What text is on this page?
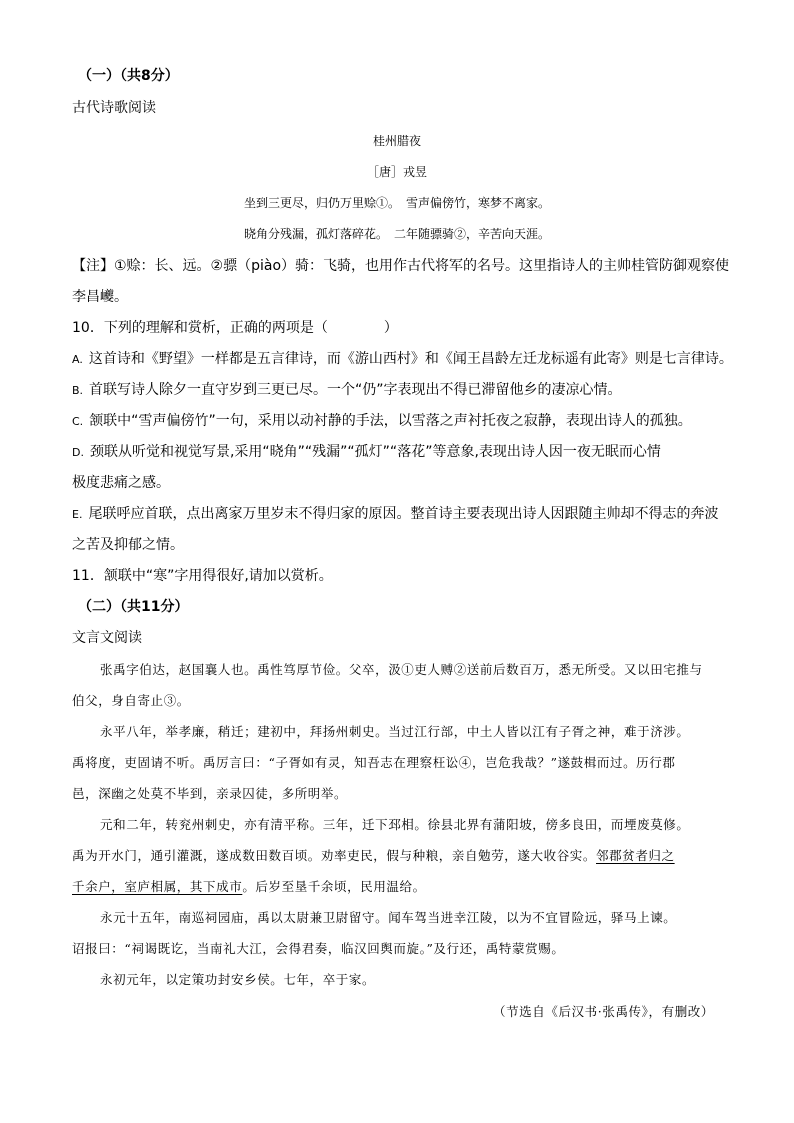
（一）（共8分）
古代诗歌阅读
桂州腊夜
［唐］戎昱
坐到三更尽，归仍万里赊①。　雪声偏傍竹，寒梦不离家。
晓角分残漏，孤灯落碎花。　二年随骠骑②，辛苦向天涯。
【注】①赊：长、远。②骠（piào）骑：飞骑，也用作古代将军的名号。这里指诗人的主帅桂管防御观察使
李昌巙。
10．下列的理解和赏析，正确的两项是（　　　　）
A. 这首诗和《野望》一样都是五言律诗，而《游山西村》和《闻王昌龄左迁龙标遥有此寄》则是七言律诗。
B. 首联写诗人除夕一直守岁到三更已尽。一个“仍”字表现出不得已滞留他乡的凄凉心情。
C. 颔联中“雪声偏傍竹”一句，采用以动衬静的手法，以雪落之声衬托夜之寂静，表现出诗人的孤独。
D. 颈联从听觉和视觉写景,采用“晓角”“残漏”“孤灯”“落花”等意象,表现出诗人因一夜无眠而心情
极度悲痛之感。
E. 尾联呼应首联，点出离家万里岁末不得归家的原因。整首诗主要表现出诗人因跟随主帅却不得志的奔波
之苦及抑郁之情。
11．颔联中“寒”字用得很好,请加以赏析。
（二）（共11分）
文言文阅读
张禹字伯达，赵国襄人也。禹性笃厚节俭。父卒，汲①吏人赙②送前后数百万，悉无所受。又以田宅推与
伯父，身自寄止③。
永平八年，举孝廉，稍迁；建初中，拜扬州刺史。当过江行部，中土人皆以江有子胥之神，难于济涉。
禹将度，吏固请不听。禹厉言曰：“子胥如有灵，知吾志在理察枉讼④，岂危我哉？”遂鼓楫而过。历行郡
邑，深幽之处莫不毕到，亲录囚徒，多所明举。
元和二年，转兖州刺史，亦有清平称。三年，迁下邳相。徐县北界有蒲阳坡，傍多良田，而堙废莫修。
禹为开水门，通引灌溉，遂成数田数百顷。劝率吏民，假与种粮，亲自勉劳，遂大收谷实。邻郡贫者归之
千余户，室庐相属，其下成市。后岁至垦千余顷，民用温给。
永元十五年，南巡祠园庙，禹以太尉兼卫尉留守。闻车驾当进幸江陵，以为不宜冒险远，驿马上谏。
诏报曰：“祠谒既讫，当南礼大江，会得君奏，临汉回舆而旋。”及行还，禹特蒙赏赐。
永初元年，以定策功封安乡侯。七年，卒于家。
（节选自《后汉书·张禹传》，有删改）
